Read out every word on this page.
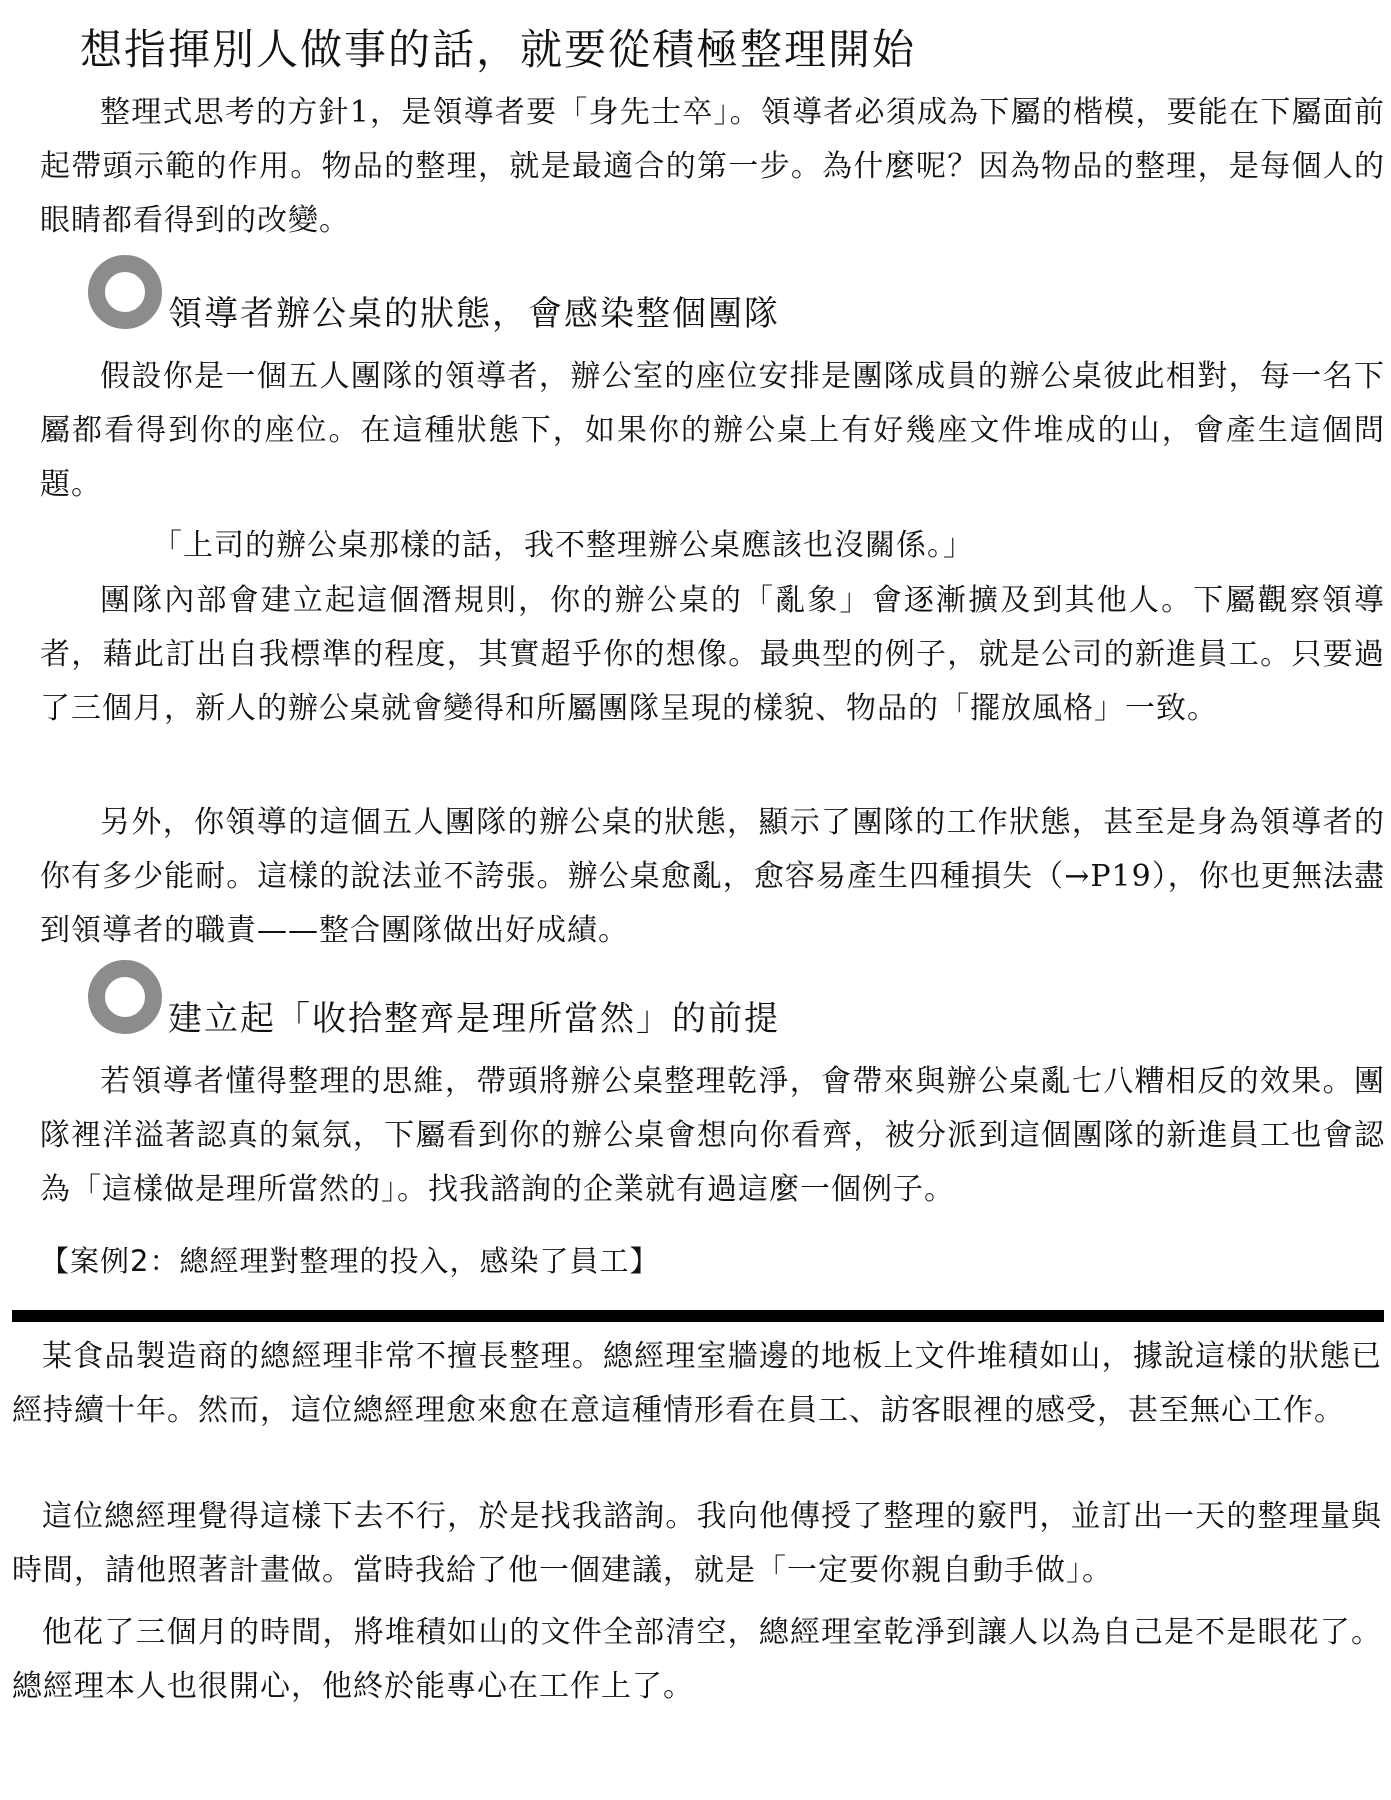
想指揮別人做事的話，就要從積極整理開始

整理式思考的方針1，是領導者要「身先士卒」。領導者必須成為下屬的楷模，要能在下屬面前起帶頭示範的作用。物品的整理，就是最適合的第一步。為什麼呢？因為物品的整理，是每個人的眼睛都看得到的改變。

領導者辦公桌的狀態，會感染整個團隊

假設你是一個五人團隊的領導者，辦公室的座位安排是團隊成員的辦公桌彼此相對，每一名下屬都看得到你的座位。在這種狀態下，如果你的辦公桌上有好幾座文件堆成的山，會產生這個問題。

「上司的辦公桌那樣的話，我不整理辦公桌應該也沒關係。」

團隊內部會建立起這個潛規則，你的辦公桌的「亂象」會逐漸擴及到其他人。下屬觀察領導者，藉此訂出自我標準的程度，其實超乎你的想像。最典型的例子，就是公司的新進員工。只要過了三個月，新人的辦公桌就會變得和所屬團隊呈現的樣貌、物品的「擺放風格」一致。

另外，你領導的這個五人團隊的辦公桌的狀態，顯示了團隊的工作狀態，甚至是身為領導者的你有多少能耐。這樣的說法並不誇張。辦公桌愈亂，愈容易產生四種損失（→P19），你也更無法盡到領導者的職責——整合團隊做出好成績。

建立起「收拾整齊是理所當然」的前提

若領導者懂得整理的思維，帶頭將辦公桌整理乾淨，會帶來與辦公桌亂七八糟相反的效果。團隊裡洋溢著認真的氣氛，下屬看到你的辦公桌會想向你看齊，被分派到這個團隊的新進員工也會認為「這樣做是理所當然的」。找我諮詢的企業就有過這麼一個例子。

【案例2：總經理對整理的投入，感染了員工】

某食品製造商的總經理非常不擅長整理。總經理室牆邊的地板上文件堆積如山，據說這樣的狀態已經持續十年。然而，這位總經理愈來愈在意這種情形看在員工、訪客眼裡的感受，甚至無心工作。

這位總經理覺得這樣下去不行，於是找我諮詢。我向他傳授了整理的竅門，並訂出一天的整理量與時間，請他照著計畫做。當時我給了他一個建議，就是「一定要你親自動手做」。

他花了三個月的時間，將堆積如山的文件全部清空，總經理室乾淨到讓人以為自己是不是眼花了。總經理本人也很開心，他終於能專心在工作上了。
